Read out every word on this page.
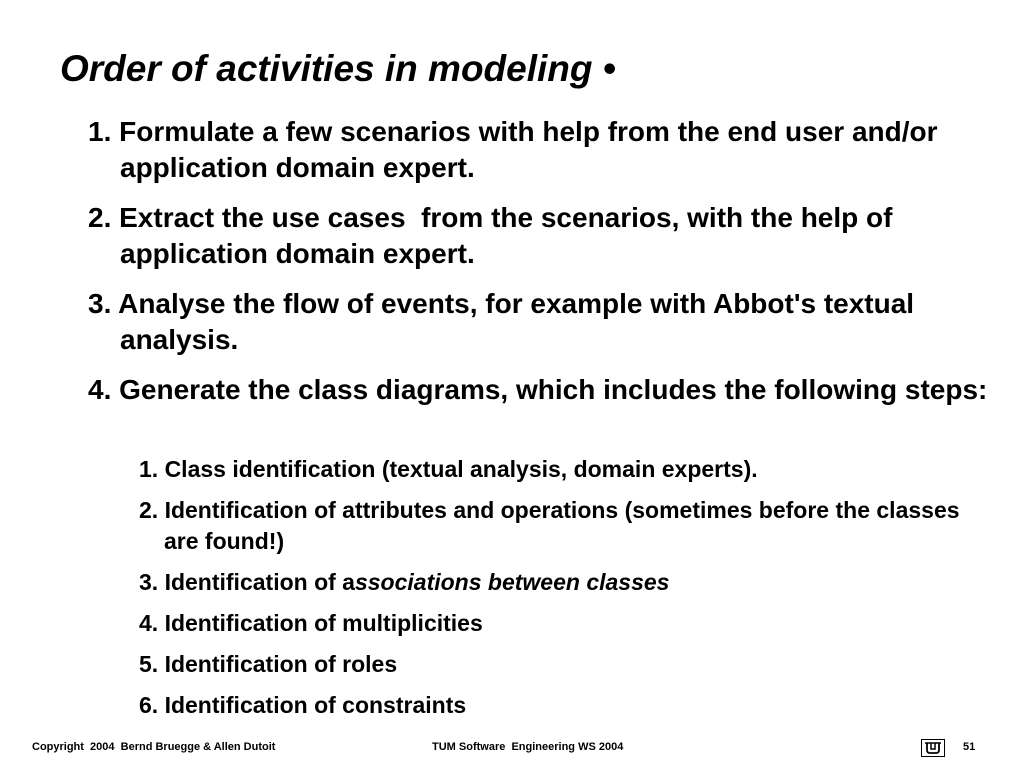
Order of activities in modeling •
1. Formulate a few scenarios with help from the end user and/or application domain expert.
2. Extract the use cases  from the scenarios, with the help of  application domain expert.
3. Analyse the flow of events, for example with Abbot's textual analysis.
4. Generate the class diagrams, which includes the following steps:
1. Class identification (textual analysis, domain experts).
2. Identification of attributes and operations (sometimes before the classes are found!)
3. Identification of associations between classes
4. Identification of multiplicities
5. Identification of roles
6. Identification of constraints
Copyright  2004  Bernd Bruegge & Allen Dutoit	TUM Software  Engineering WS 2004	51
